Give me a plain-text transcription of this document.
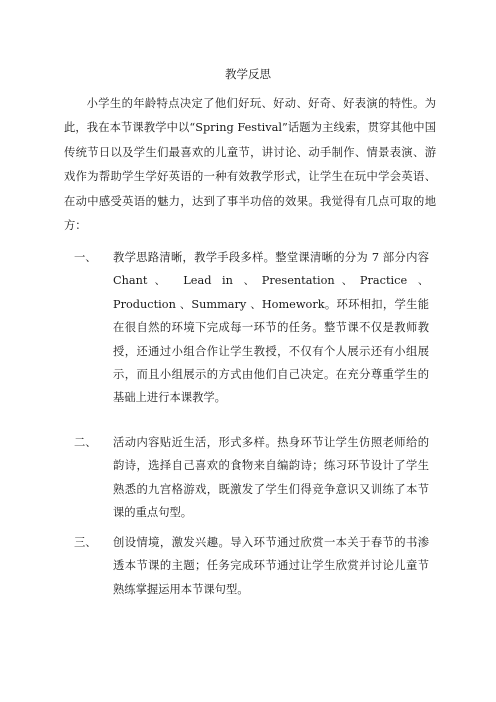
教学反思

小学生的年龄特点决定了他们好玩、好动、好奇、好表演的特性。为此，我在本节课教学中以“Spring Festival”话题为主线索，贯穿其他中国传统节日以及学生们最喜欢的儿童节，讲讨论、动手制作、情景表演、游戏作为帮助学生学好英语的一种有效教学形式，让学生在玩中学会英语、在动中感受英语的魅力，达到了事半功倍的效果。我觉得有几点可取的地方：

一、 教学思路清晰，教学手段多样。整堂课清晰的分为 7 部分内容 Chant、 Lead in 、Presentation、Practice 、Production 、Summary 、Homework。环环相扣，学生能在很自然的环境下完成每一环节的任务。整节课不仅是教师教授，还通过小组合作让学生教授，不仅有个人展示还有小组展示，而且小组展示的方式由他们自己决定。在充分尊重学生的基础上进行本课教学。

二、 活动内容贴近生活，形式多样。热身环节让学生仿照老师给的韵诗，选择自己喜欢的食物来自编韵诗；练习环节设计了学生熟悉的九宫格游戏，既激发了学生们得竞争意识又训练了本节课的重点句型。

三、 创设情境，激发兴趣。导入环节通过欣赏一本关于春节的书渗透本节课的主题；任务完成环节通过让学生欣赏并讨论儿童节熟练掌握运用本节课句型。
